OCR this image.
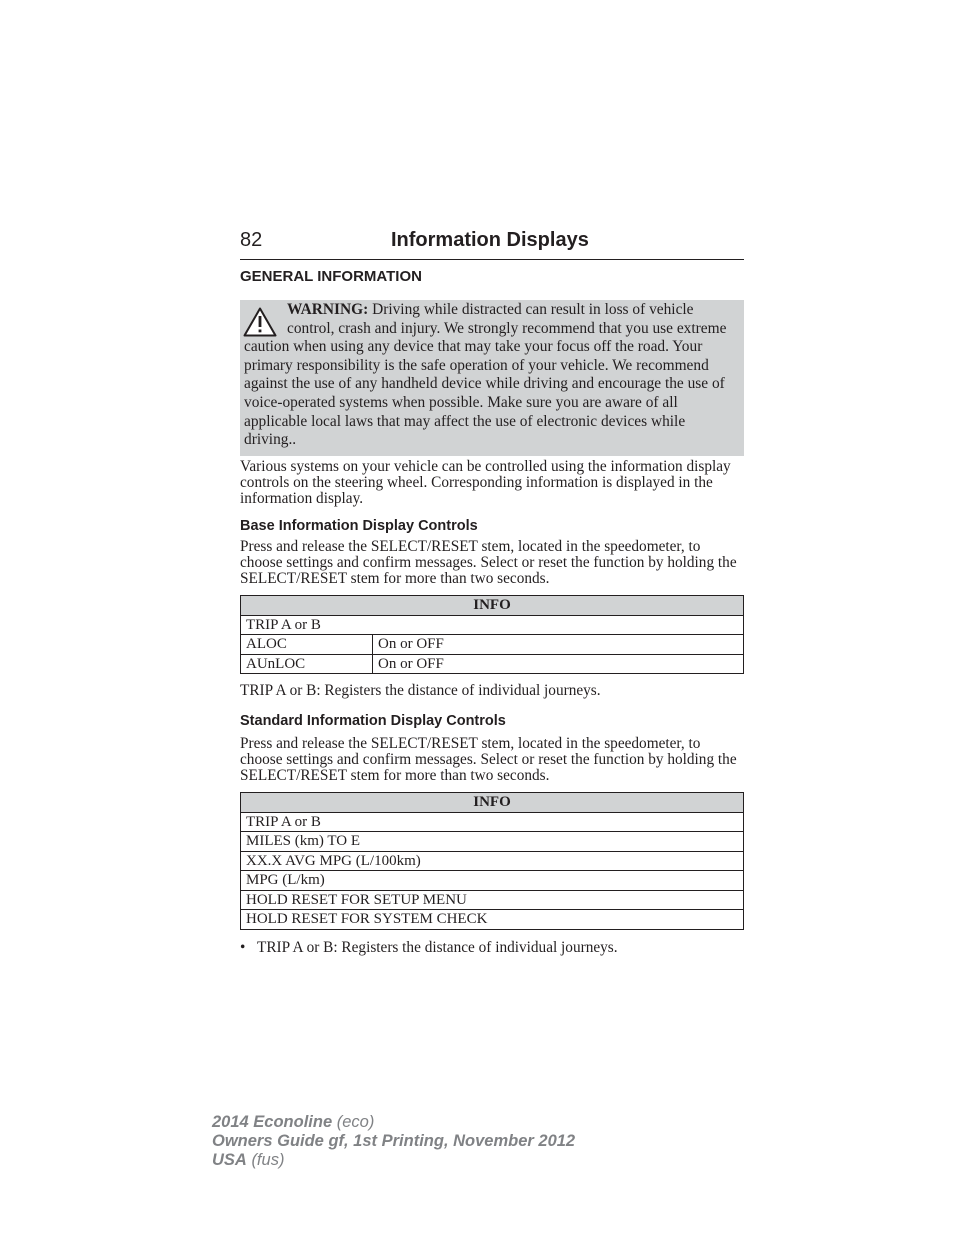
82	Information Displays
GENERAL INFORMATION

WARNING: Driving while distracted can result in loss of vehicle control, crash and injury. We strongly recommend that you use extreme caution when using any device that may take your focus off the road. Your primary responsibility is the safe operation of your vehicle. We recommend against the use of any handheld device while driving and encourage the use of voice-operated systems when possible. Make sure you are aware of all applicable local laws that may affect the use of electronic devices while driving..

Various systems on your vehicle can be controlled using the information display controls on the steering wheel. Corresponding information is displayed in the information display.

Base Information Display Controls

Press and release the SELECT/RESET stem, located in the speedometer, to choose settings and confirm messages. Select or reset the function by holding the SELECT/RESET stem for more than two seconds.

INFO	
TRIP A or B	
ALOC	On or OFF
AUnLOC	On or OFF

TRIP A or B: Registers the distance of individual journeys.

Standard Information Display Controls

Press and release the SELECT/RESET stem, located in the speedometer, to choose settings and confirm messages. Select or reset the function by holding the SELECT/RESET stem for more than two seconds.

INFO
TRIP A or B
MILES (km) TO E
XX.X AVG MPG (L/100km)
MPG (L/km)
HOLD RESET FOR SETUP MENU
HOLD RESET FOR SYSTEM CHECK

• TRIP A or B: Registers the distance of individual journeys.

2014 Econoline (eco)
Owners Guide gf, 1st Printing, November 2012
USA (fus)
